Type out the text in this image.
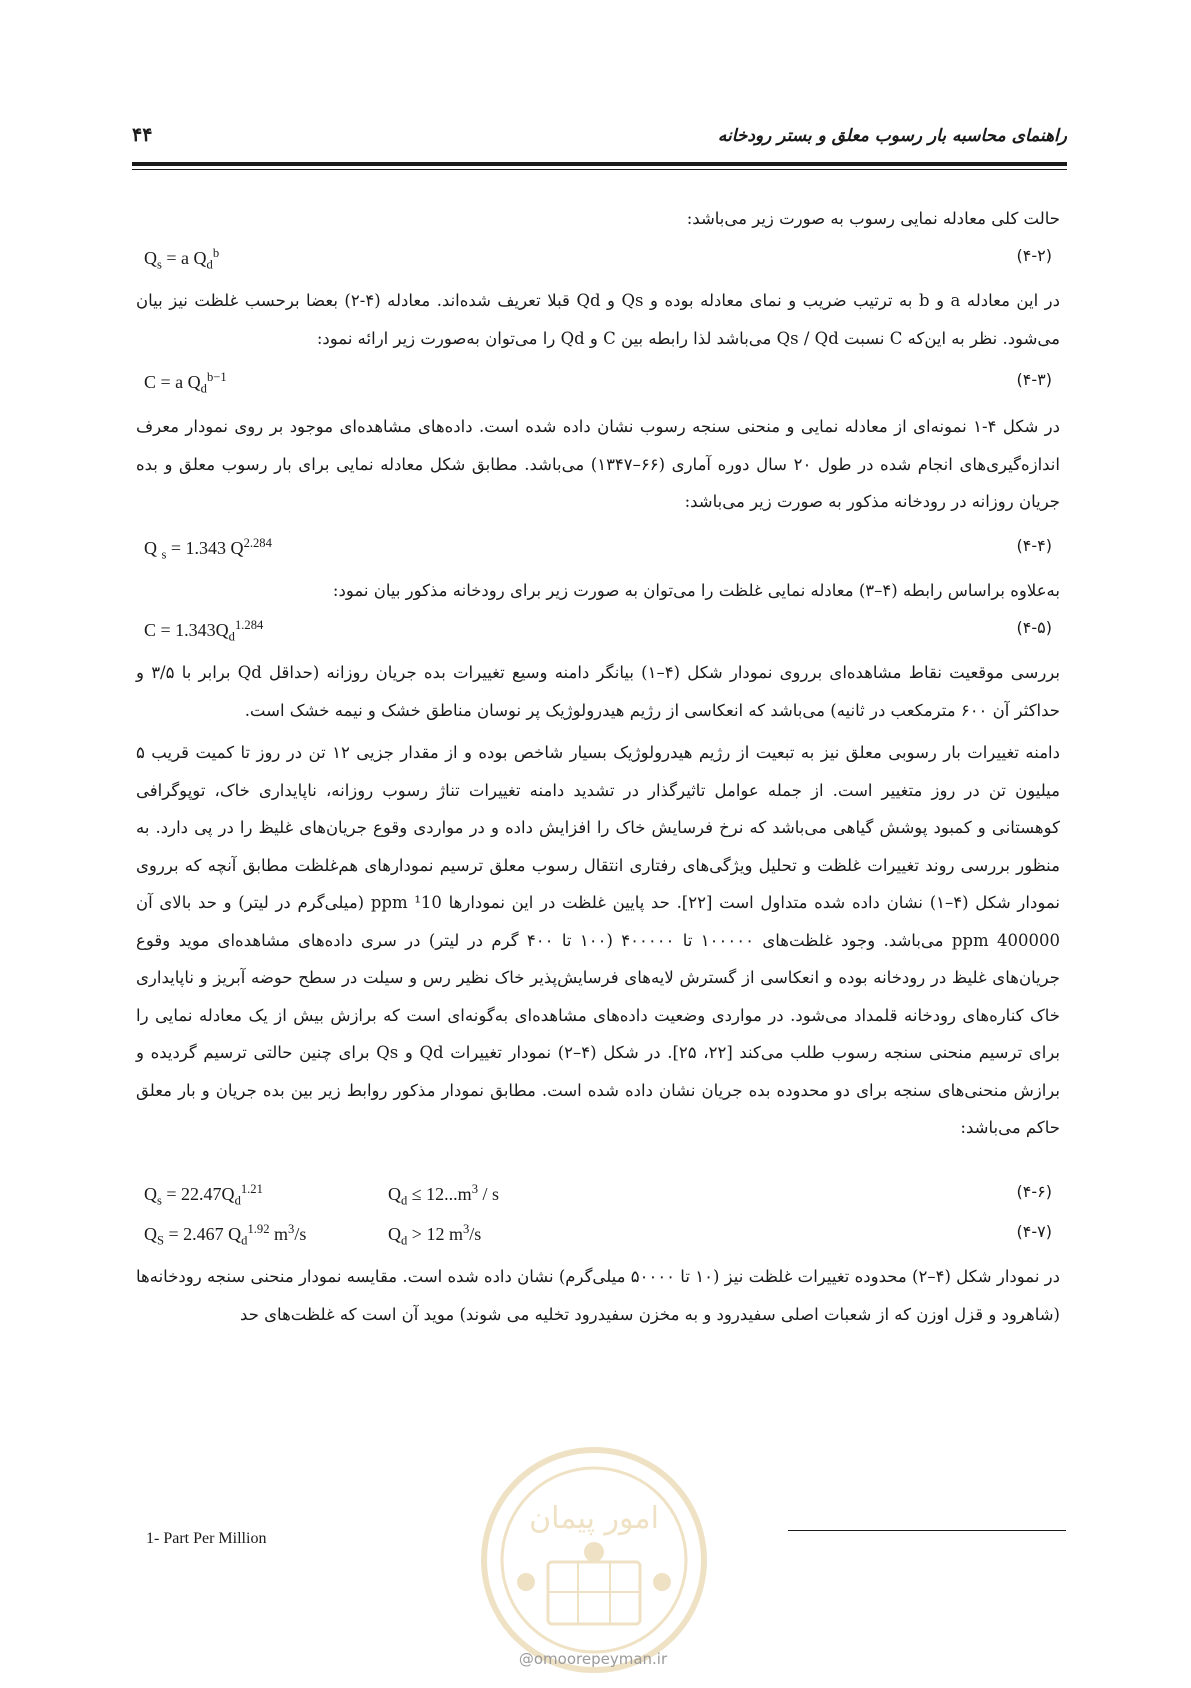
راهنمای محاسبه بار رسوب معلق و بستر رودخانه
۴۴
حالت کلی معادله نمایی رسوب به صورت زیر می‌باشد:
$Q_s = a$ $Q_d^b$	(۴-۲)
در این معادله a و b به ترتیب ضریب و نمای معادله بوده و Qs و Qd قبلا تعریف شده‌اند. معادله (۴-۲) بعضا برحسب غلظت نیز بیان می‌شود. نظر به این‌که C نسبت Qs / Qd می‌باشد لذا رابطه بین C و Qd را می‌توان به‌صورت زیر ارائه نمود:
C = a $Q_d^{b-1}$	(۴-۳)
در شکل ۴-۱ نمونه‌ای از معادله نمایی و منحنی سنجه رسوب نشان داده شده است. داده‌های مشاهده‌ای موجود بر روی نمودار معرف اندازه‌گیری‌های انجام شده در طول ۲۰ سال دوره آماری (۶۶–۱۳۴۷) می‌باشد. مطابق شکل معادله نمایی برای بار رسوب معلق و بده جریان روزانه در رودخانه مذکور به صورت زیر می‌باشد:
Q $_s$ = 1.343 $Q^{2.284}$	(۴-۴)
به‌علاوه براساس رابطه (۴–۳) معادله نمایی غلظت را می‌توان به صورت زیر برای رودخانه مذکور بیان نمود:
$C = 1.343Q_d^{1.284}$	(۴-۵)
بررسی موقعیت نقاط مشاهده‌ای برروی نمودار شکل (۴–۱) بیانگر دامنه وسیع تغییرات بده جریان روزانه (حداقل Qd برابر با ۳/۵ و حداکثر آن ۶۰۰ مترمکعب در ثانیه) می‌باشد که انعکاسی از رژیم هیدرولوژیک پر نوسان مناطق خشک و نیمه خشک است.
دامنه تغییرات بار رسوبی معلق نیز به تبعیت از رژیم هیدرولوژیک بسیار شاخص بوده و از مقدار جزیی ۱۲ تن در روز تا کمیت قریب ۵ میلیون تن در روز متغییر است. از جمله عوامل تاثیرگذار در تشدید دامنه تغییرات تناژ رسوب روزانه، ناپایداری خاک، توپوگرافی کوهستانی و کمبود پوشش گیاهی می‌باشد که نرخ فرسایش خاک را افزایش داده و در مواردی وقوع جریان‌های غلیظ را در پی دارد. به منظور بررسی روند تغییرات غلظت و تحلیل ویژگی‌های رفتاری انتقال رسوب معلق ترسیم نمودارهای هم‌غلظت مطابق آنچه که برروی نمودار شکل (۴–۱) نشان داده شده متداول است [۲۲]. حد پایین غلظت در این نمودارها ¹10 ppm (میلی‌گرم در لیتر) و حد بالای آن 400000 ppm می‌باشد. وجود غلظت‌های ۱۰۰۰۰۰ تا ۴۰۰۰۰۰ (۱۰۰ تا ۴۰۰ گرم در لیتر) در سری داده‌های مشاهده‌ای موید وقوع جریان‌های غلیظ در رودخانه بوده و انعکاسی از گسترش لایه‌های فرسایش‌پذیر خاک نظیر رس و سیلت در سطح حوضه آبریز و ناپایداری خاک کناره‌های رودخانه قلمداد می‌شود. در مواردی وضعیت داده‌های مشاهده‌ای به‌گونه‌ای است که برازش بیش از یک معادله نمایی را برای ترسیم منحنی سنجه رسوب طلب می‌کند [۲۲، ۲۵]. در شکل (۴–۲) نمودار تغییرات Qd و Qs برای چنین حالتی ترسیم گردیده و برازش منحنی‌های سنجه برای دو محدوده بده جریان نشان داده شده است. مطابق نمودار مذکور روابط زیر بین بده جریان و بار معلق حاکم می‌باشد:
$Q_s = 22.47Q_d^{1.21}$	$Q_d \le 12...m^3 / s$	(۴-۶)
$Q_S = 2.467$ $Q_d^{1.92}$ $m^3/s$	$Q_d > 12$ $m^3/s$	(۴-۷)
در نمودار شکل (۴–۲) محدوده تغییرات غلظت نیز (۱۰ تا ۵۰۰۰۰ میلی‌گرم) نشان داده شده است. مقایسه نمودار منحنی سنجه رودخانه‌ها (شاهرود و قزل اوزن که از شعبات اصلی سفیدرود و به مخزن سفیدرود تخلیه می شوند) موید آن است که غلظت‌های حد
1- Part Per Million
امور پیمان
@omoorepeyman.ir
